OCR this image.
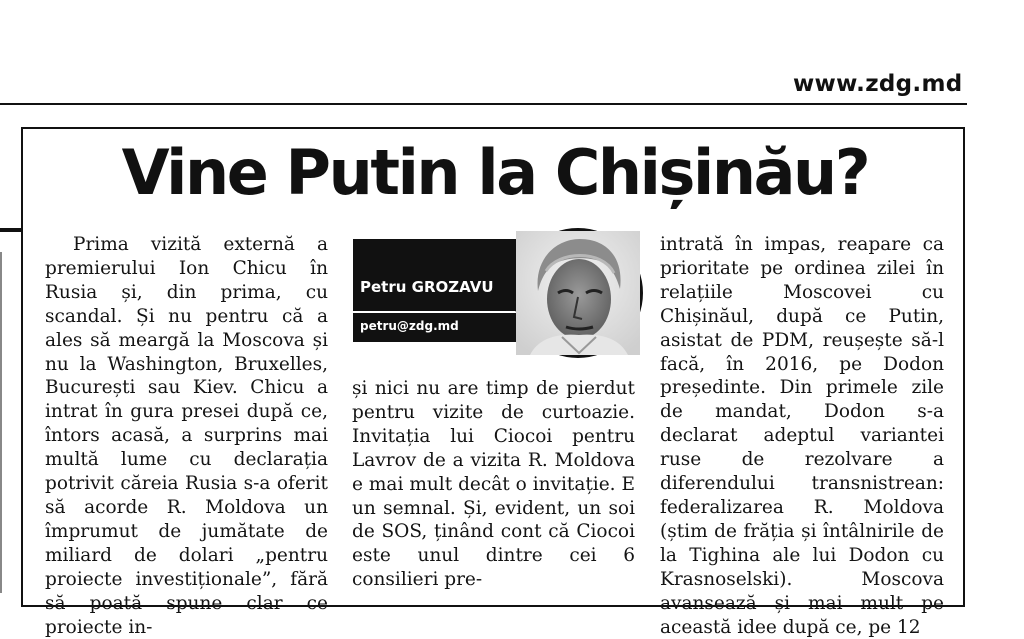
www.zdg.md
Vine Putin la Chișinău?

Prima vizită externă a premierului Ion Chicu în Rusia și, din prima, cu scandal. Și nu pentru că a ales să meargă la Moscova și nu la Washington, Bruxelles, București sau Kiev. Chicu a intrat în gura presei după ce, întors acasă, a surprins mai multă lume cu declarația potrivit căreia Rusia s-a oferit să acorde R. Moldova un împrumut de jumătate de miliard de dolari „pentru proiecte investiționale”, fără să poată spune clar ce proiecte in-

Petru GROZAVU
petru@zdg.md

și nici nu are timp de pierdut pentru vizite de curtoazie. Invitația lui Ciocoi pentru Lavrov de a vizita R. Moldova e mai mult decât o invitație. E un semnal. Și, evident, un soi de SOS, ținând cont că Ciocoi este unul dintre cei 6 consilieri pre-

intrată în impas, reapare ca prioritate pe ordinea zilei în relațiile Moscovei cu Chișinăul, după ce Putin, asistat de PDM, reușește să-l facă, în 2016, pe Dodon președinte. Din primele zile de mandat, Dodon s-a declarat adeptul variantei ruse de rezolvare a diferendului transnistrean: federalizarea R. Moldova (știm de frăția și întâlnirile de la Tighina ale lui Dodon cu Krasnoselski). Moscova avansează și mai mult pe această idee după ce, pe 12
